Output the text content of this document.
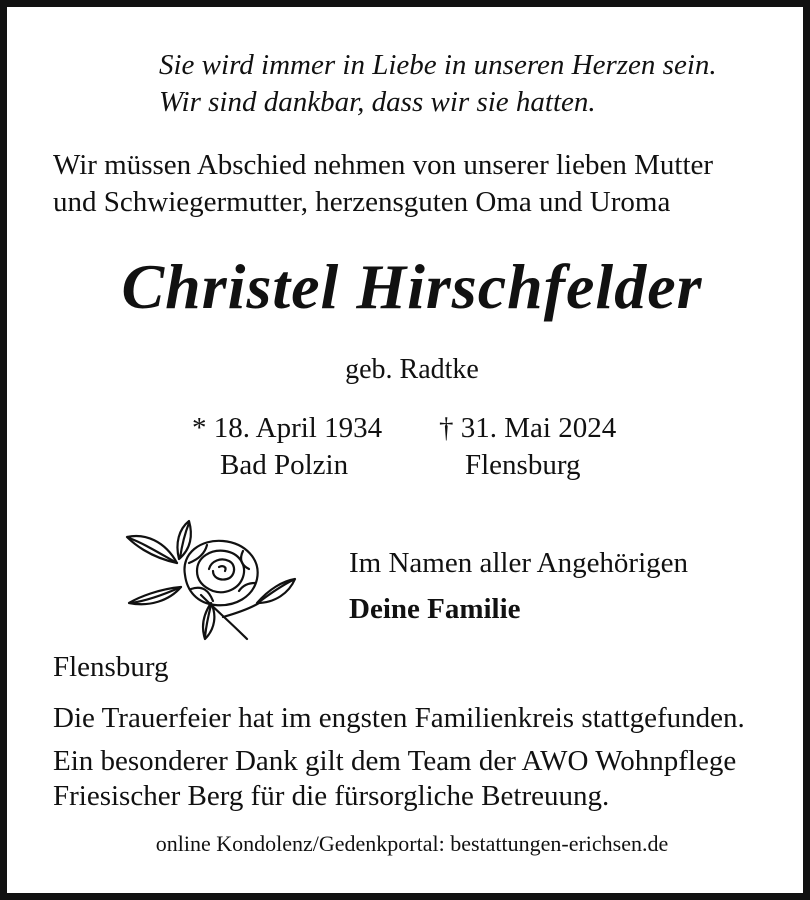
Sie wird immer in Liebe in unseren Herzen sein.
Wir sind dankbar, dass wir sie hatten.
Wir müssen Abschied nehmen von unserer lieben Mutter
und Schwiegermutter, herzensguten Oma und Uroma
Christel Hirschfelder
geb. Radtke
* 18. April 1934
Bad Polzin
† 31. Mai 2024
Flensburg
Im Namen aller Angehörigen
Deine Familie
Flensburg
Die Trauerfeier hat im engsten Familienkreis stattgefunden.
Ein besonderer Dank gilt dem Team der AWO Wohnpflege
Friesischer Berg für die fürsorgliche Betreuung.
online Kondolenz/Gedenkportal: bestattungen-erichsen.de
